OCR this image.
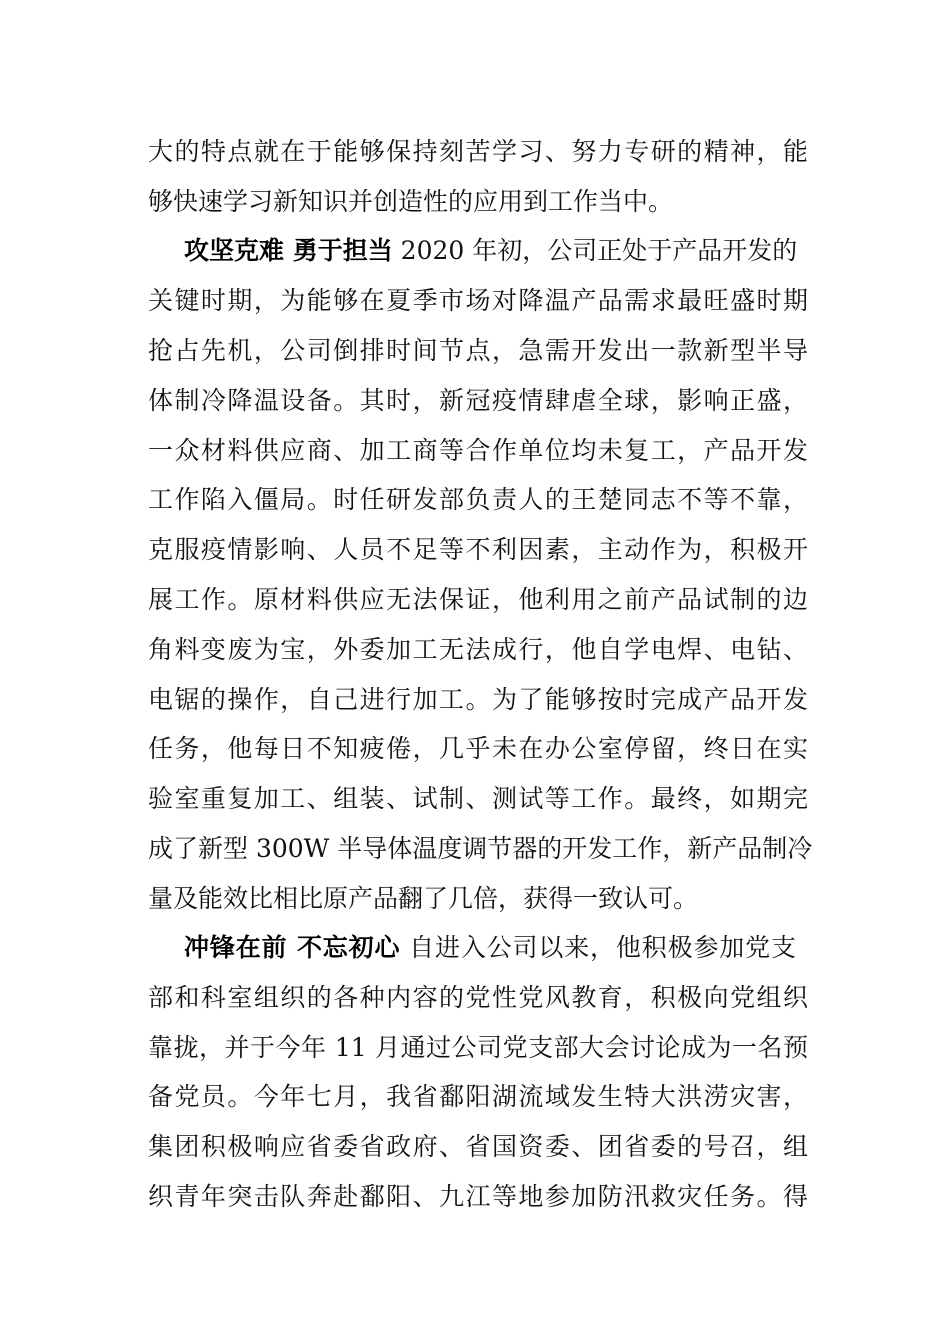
大的特点就在于能够保持刻苦学习、努力专研的精神，能
够快速学习新知识并创造性的应用到工作当中。
攻坚克难 勇于担当 2020 年初，公司正处于产品开发的
关键时期，为能够在夏季市场对降温产品需求最旺盛时期
抢占先机，公司倒排时间节点，急需开发出一款新型半导
体制冷降温设备。其时，新冠疫情肆虐全球，影响正盛，
一众材料供应商、加工商等合作单位均未复工，产品开发
工作陷入僵局。时任研发部负责人的王楚同志不等不靠，
克服疫情影响、人员不足等不利因素，主动作为，积极开
展工作。原材料供应无法保证，他利用之前产品试制的边
角料变废为宝，外委加工无法成行，他自学电焊、电钻、
电锯的操作，自己进行加工。为了能够按时完成产品开发
任务，他每日不知疲倦，几乎未在办公室停留，终日在实
验室重复加工、组装、试制、测试等工作。最终，如期完
成了新型 300W 半导体温度调节器的开发工作，新产品制冷
量及能效比相比原产品翻了几倍，获得一致认可。
冲锋在前 不忘初心 自进入公司以来，他积极参加党支
部和科室组织的各种内容的党性党风教育，积极向党组织
靠拢，并于今年 11 月通过公司党支部大会讨论成为一名预
备党员。今年七月，我省鄱阳湖流域发生特大洪涝灾害，
集团积极响应省委省政府、省国资委、团省委的号召，组
织青年突击队奔赴鄱阳、九江等地参加防汛救灾任务。得
